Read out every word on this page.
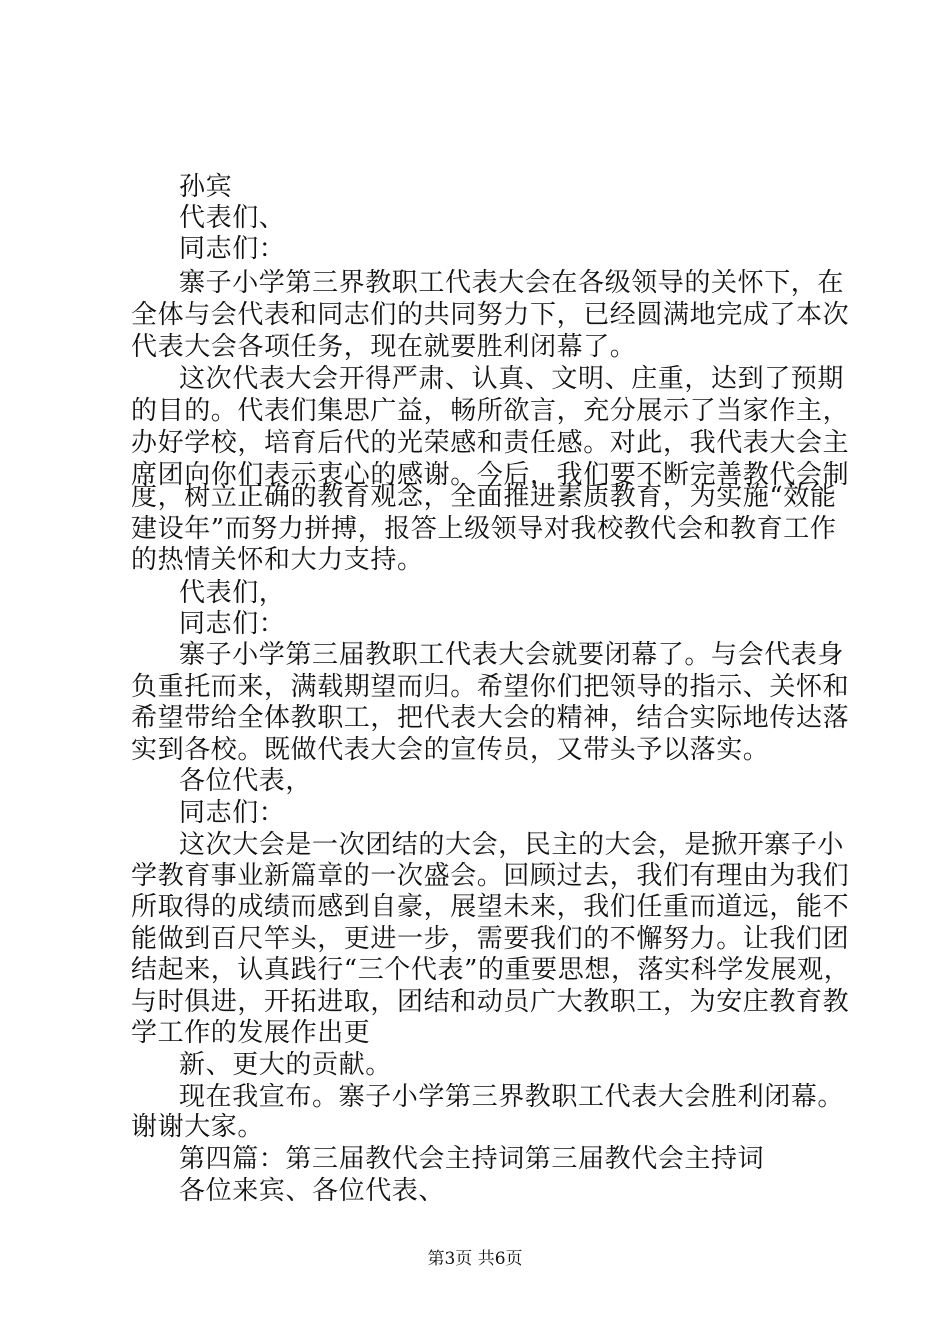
孙宾
代表们、
同志们：
寨子小学第三界教职工代表大会在各级领导的关怀下，在
全体与会代表和同志们的共同努力下，已经圆满地完成了本次
代表大会各项任务，现在就要胜利闭幕了。
这次代表大会开得严肃、认真、文明、庄重，达到了预期
的目的。代表们集思广益，畅所欲言，充分展示了当家作主，
办好学校，培育后代的光荣感和责任感。对此，我代表大会主
席团向你们表示衷心的感谢。今后，我们要不断完善教代会制
度，树立正确的教育观念，全面推进素质教育，为实施“效能
建设年”而努力拼搏，报答上级领导对我校教代会和教育工作
的热情关怀和大力支持。
代表们，
同志们：
寨子小学第三届教职工代表大会就要闭幕了。与会代表身
负重托而来，满载期望而归。希望你们把领导的指示、关怀和
希望带给全体教职工，把代表大会的精神，结合实际地传达落
实到各校。既做代表大会的宣传员，又带头予以落实。
各位代表，
同志们：
这次大会是一次团结的大会，民主的大会，是掀开寨子小
学教育事业新篇章的一次盛会。回顾过去，我们有理由为我们
所取得的成绩而感到自豪，展望未来，我们任重而道远，能不
能做到百尺竿头，更进一步，需要我们的不懈努力。让我们团
结起来，认真践行“三个代表”的重要思想，落实科学发展观，
与时俱进，开拓进取，团结和动员广大教职工，为安庄教育教
学工作的发展作出更
新、更大的贡献。
现在我宣布。寨子小学第三界教职工代表大会胜利闭幕。
谢谢大家。
第四篇：第三届教代会主持词第三届教代会主持词
各位来宾、各位代表、
第3页 共6页
